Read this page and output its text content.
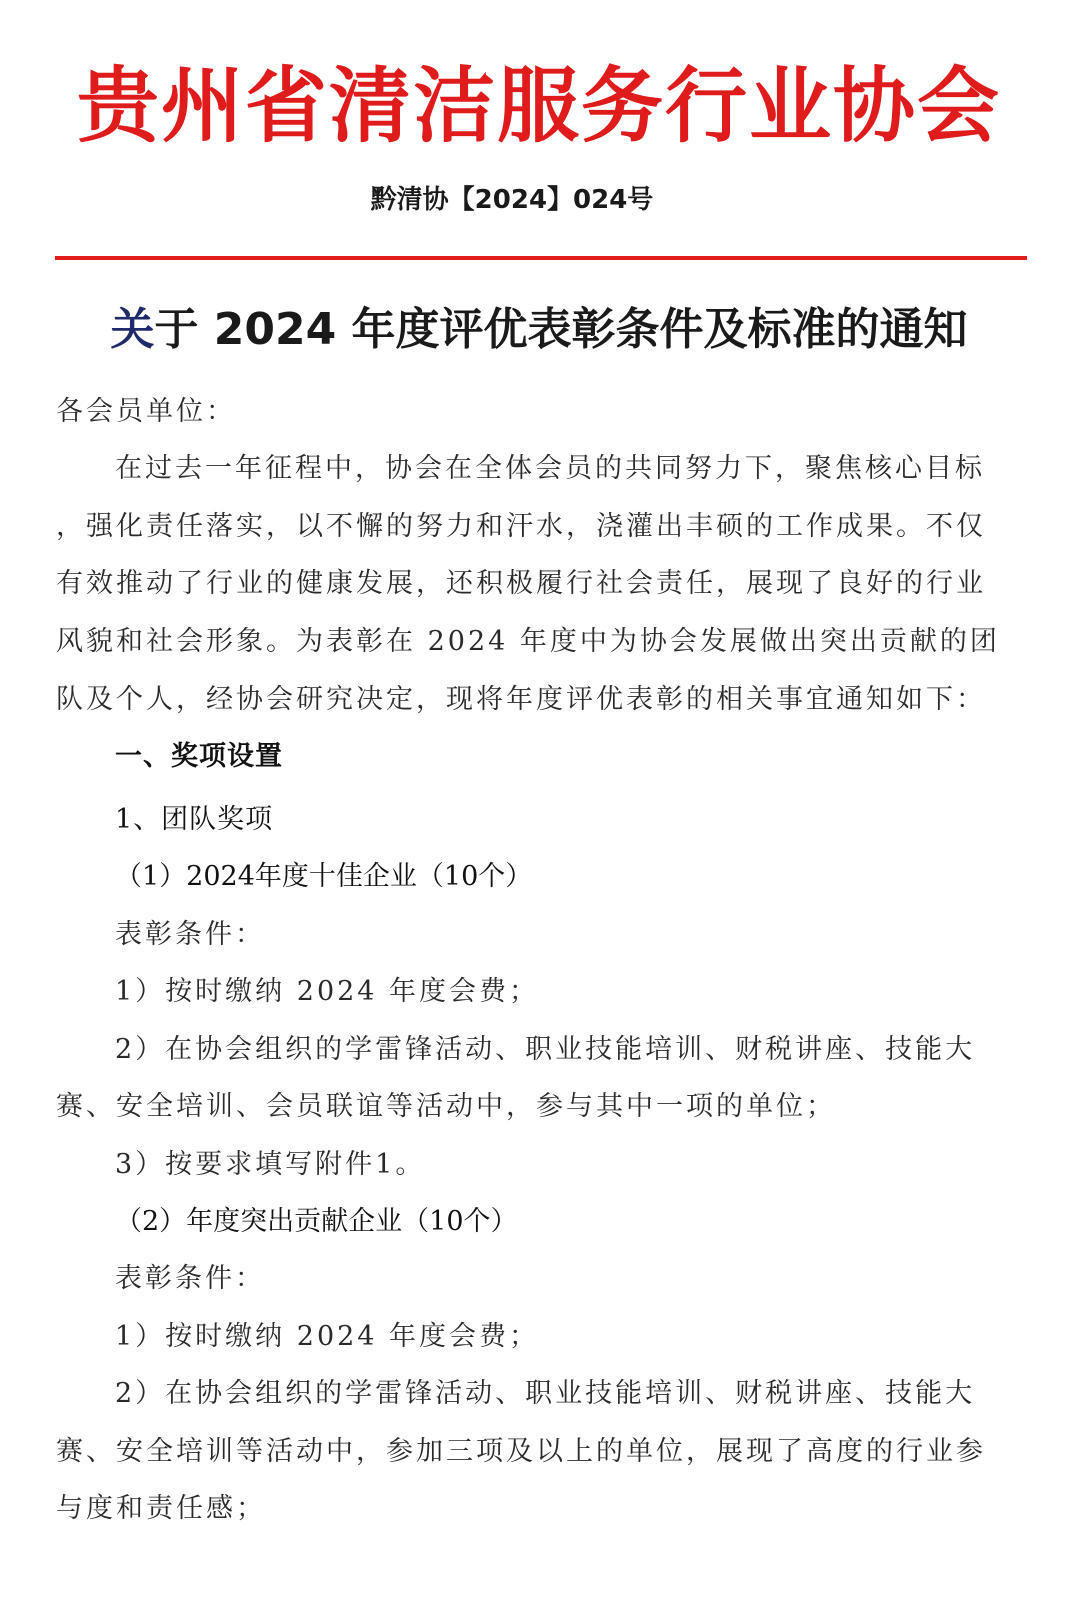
贵州省清洁服务行业协会
黔清协【2024】024号
关于 2024 年度评优表彰条件及标准的通知
各会员单位：
在过去一年征程中，协会在全体会员的共同努力下，聚焦核心目标
，强化责任落实，以不懈的努力和汗水，浇灌出丰硕的工作成果。不仅
有效推动了行业的健康发展，还积极履行社会责任，展现了良好的行业
风貌和社会形象。为表彰在 2024 年度中为协会发展做出突出贡献的团
队及个人，经协会研究决定，现将年度评优表彰的相关事宜通知如下：
一、奖项设置
1、团队奖项
（1）2024年度十佳企业（10个）
表彰条件：
1）按时缴纳 2024 年度会费；
2）在协会组织的学雷锋活动、职业技能培训、财税讲座、技能大
赛、安全培训、会员联谊等活动中，参与其中一项的单位；
3）按要求填写附件1。
（2）年度突出贡献企业（10个）
表彰条件：
1）按时缴纳 2024 年度会费；
2）在协会组织的学雷锋活动、职业技能培训、财税讲座、技能大
赛、安全培训等活动中，参加三项及以上的单位，展现了高度的行业参
与度和责任感；
